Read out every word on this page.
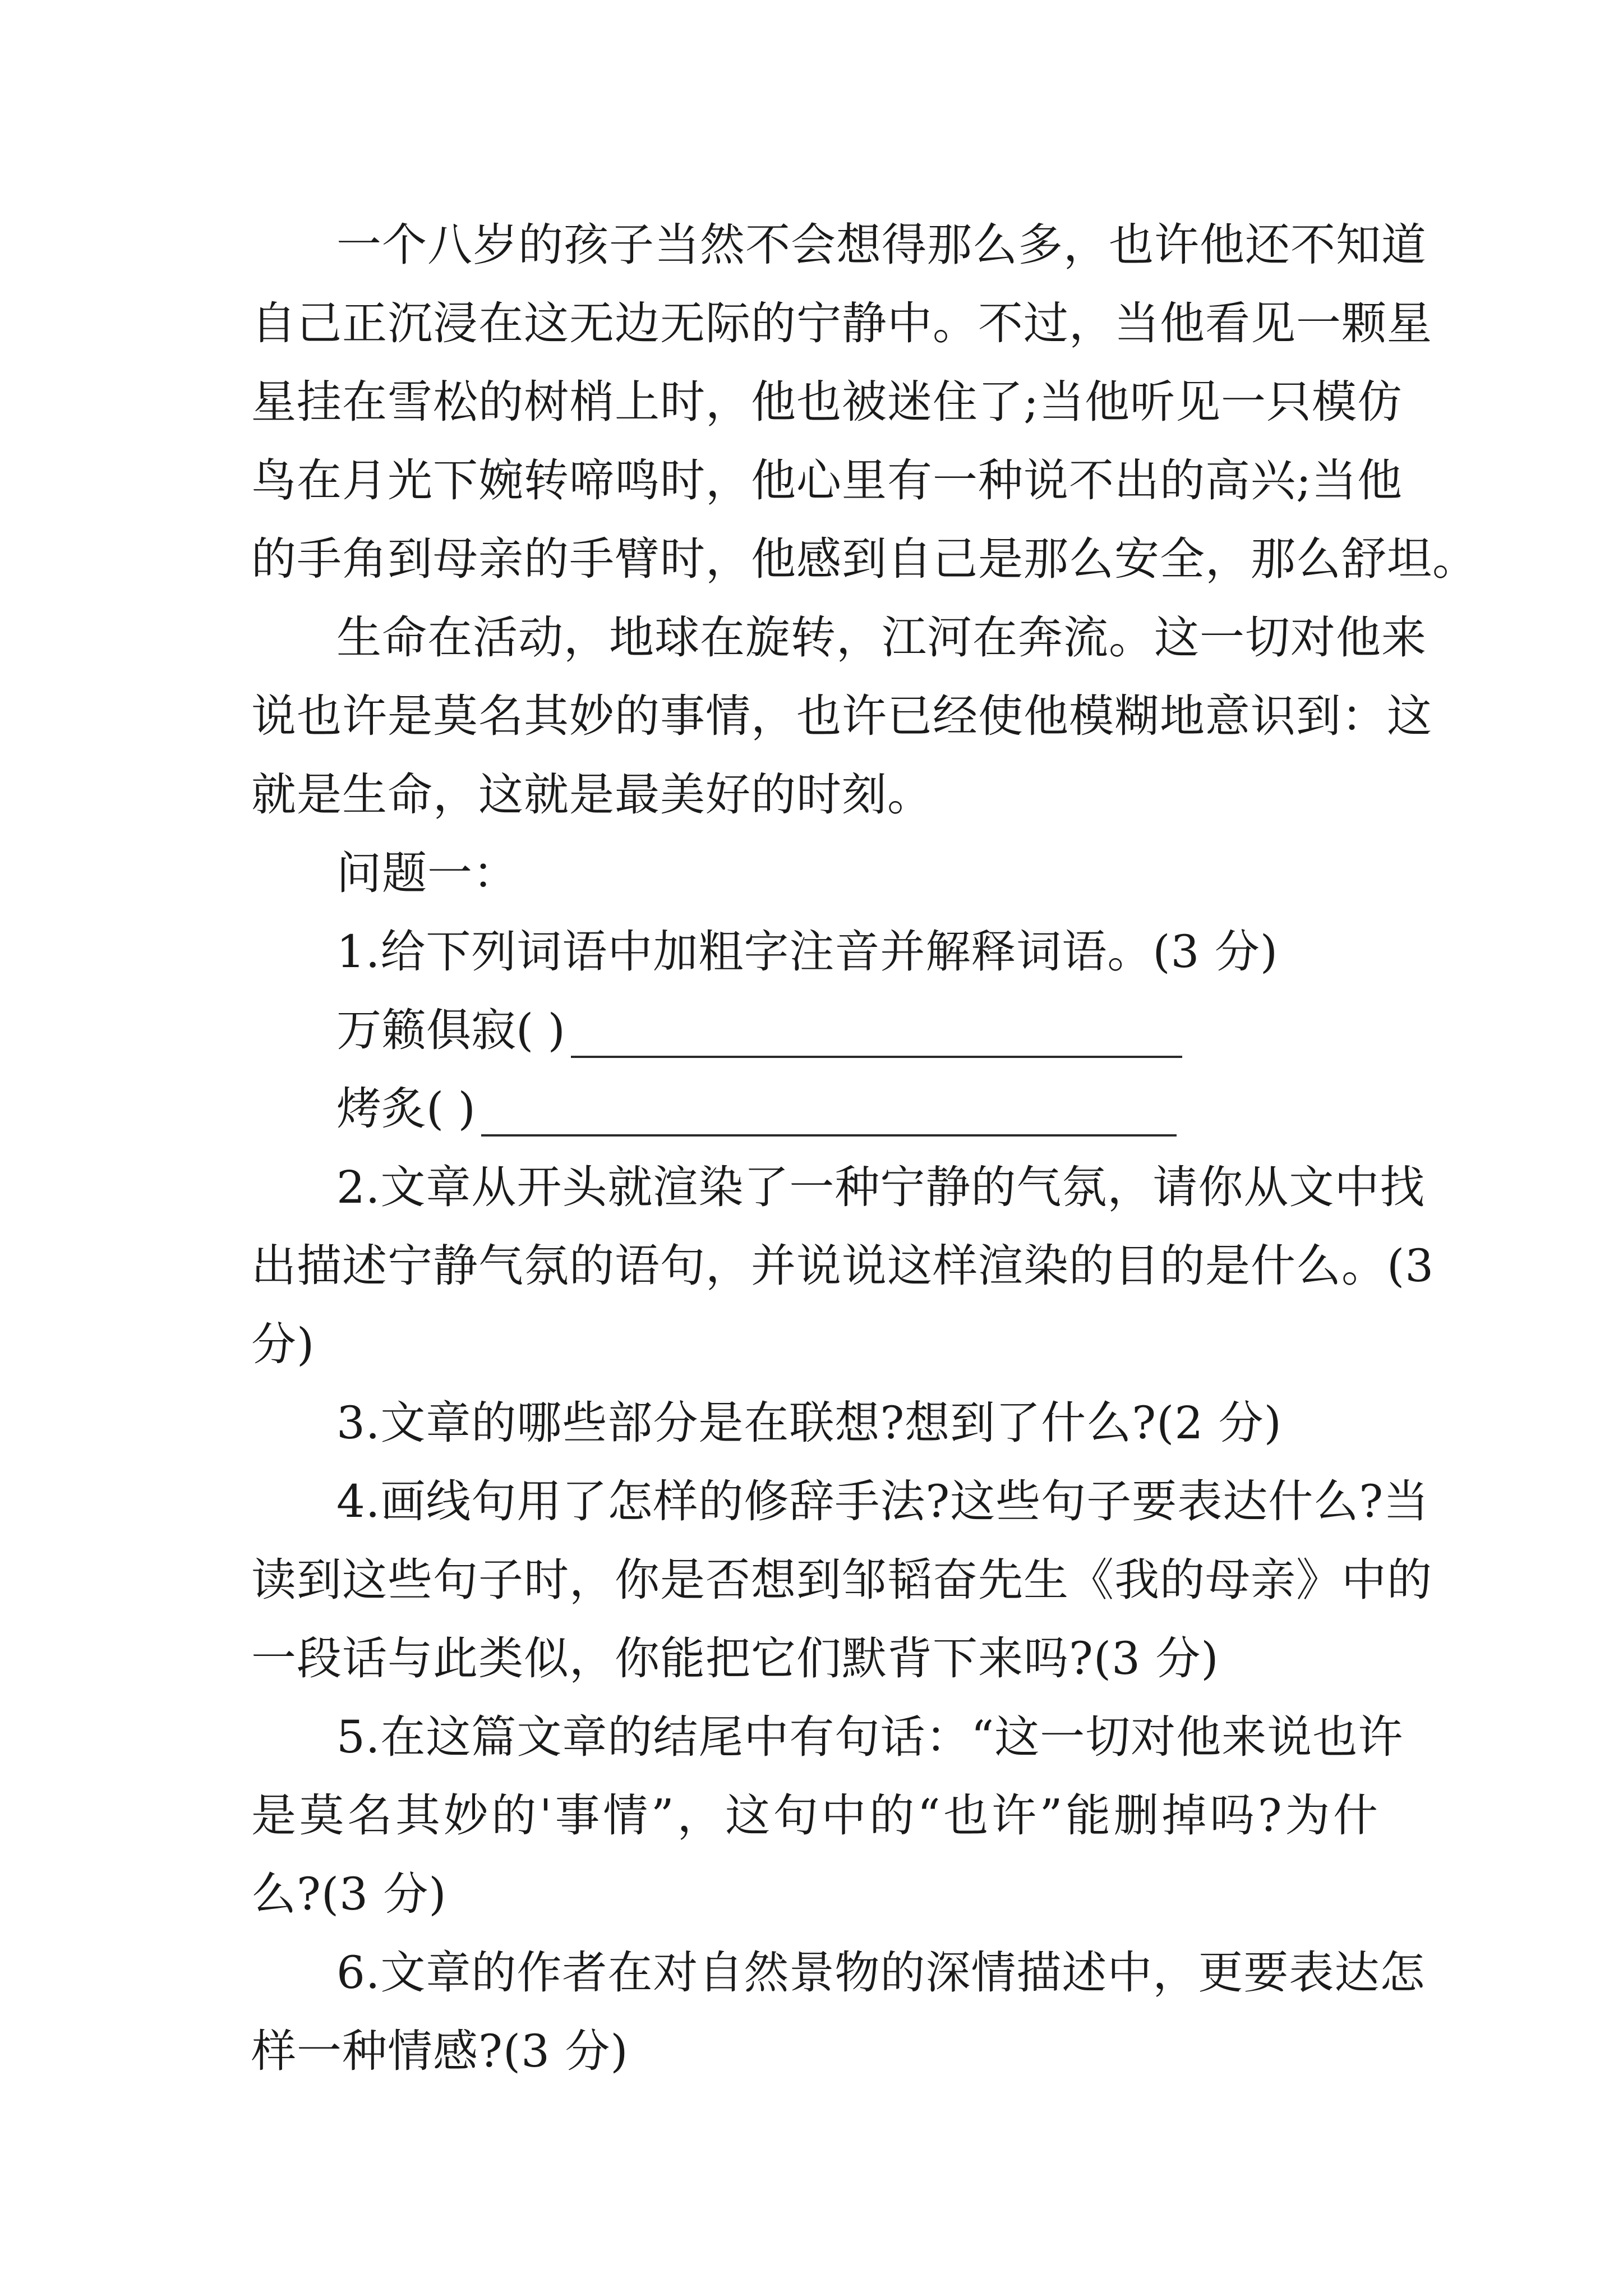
一个八岁的孩子当然不会想得那么多，也许他还不知道

自己正沉浸在这无边无际的宁静中。不过，当他看见一颗星

星挂在雪松的树梢上时，他也被迷住了;当他听见一只模仿

鸟在月光下婉转啼鸣时，他心里有一种说不出的高兴;当他

的手角到母亲的手臂时，他感到自己是那么安全，那么舒坦。

生命在活动，地球在旋转，江河在奔流。这一切对他来

说也许是莫名其妙的事情，也许已经使他模糊地意识到：这

就是生命，这就是最美好的时刻。

问题一：

1.给下列词语中加粗字注音并解释词语。(3 分)

万籁俱寂( )
烤炙( )

2.文章从开头就渲染了一种宁静的气氛，请你从文中找

出描述宁静气氛的语句，并说说这样渲染的目的是什么。(3

分)

3.文章的哪些部分是在联想?想到了什么?(2 分)

4.画线句用了怎样的修辞手法?这些句子要表达什么?当

读到这些句子时，你是否想到邹韬奋先生《我的母亲》中的

一段话与此类似，你能把它们默背下来吗?(3 分)

5.在这篇文章的结尾中有句话：“这一切对他来说也许

是莫名其妙的'事情”，这句中的“也许”能删掉吗?为什

么?(3 分)

6.文章的作者在对自然景物的深情描述中，更要表达怎

样一种情感?(3 分)
